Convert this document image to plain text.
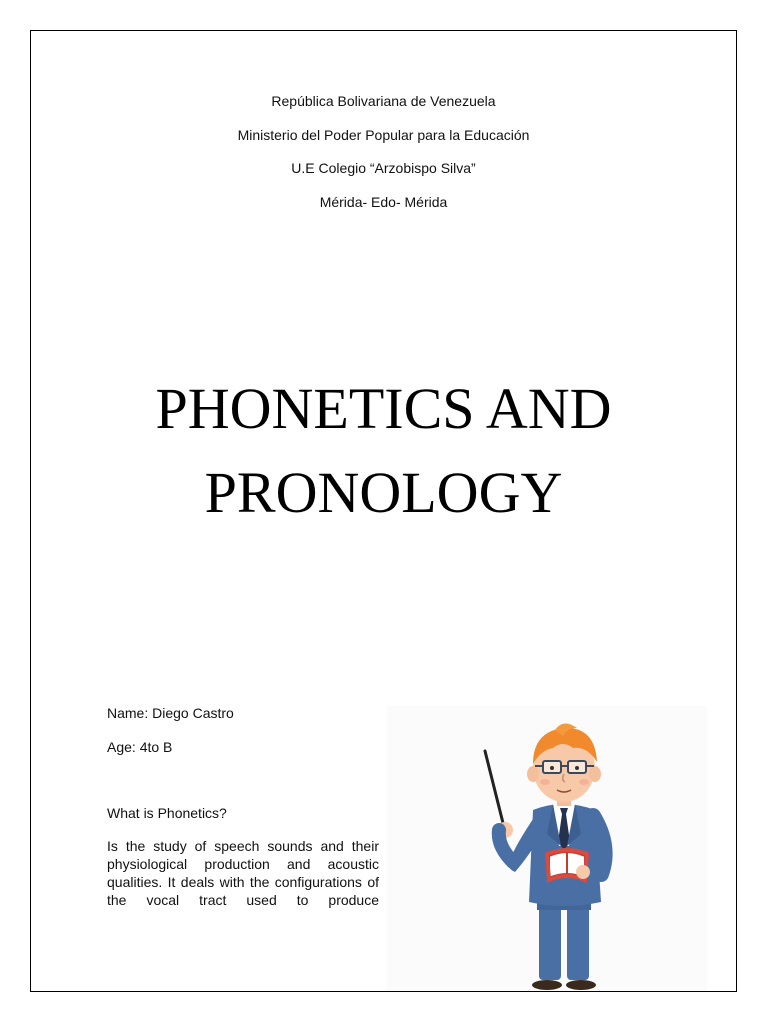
República Bolivariana de Venezuela
Ministerio del Poder Popular para la Educación
U.E Colegio “Arzobispo Silva”
Mérida- Edo- Mérida
PHONETICS AND
PRONOLOGY
Name: Diego Castro
Age: 4to B
What is Phonetics?
Is the study of speech sounds and their physiological production and acoustic qualities. It deals with the configurations of the vocal tract used to produce
